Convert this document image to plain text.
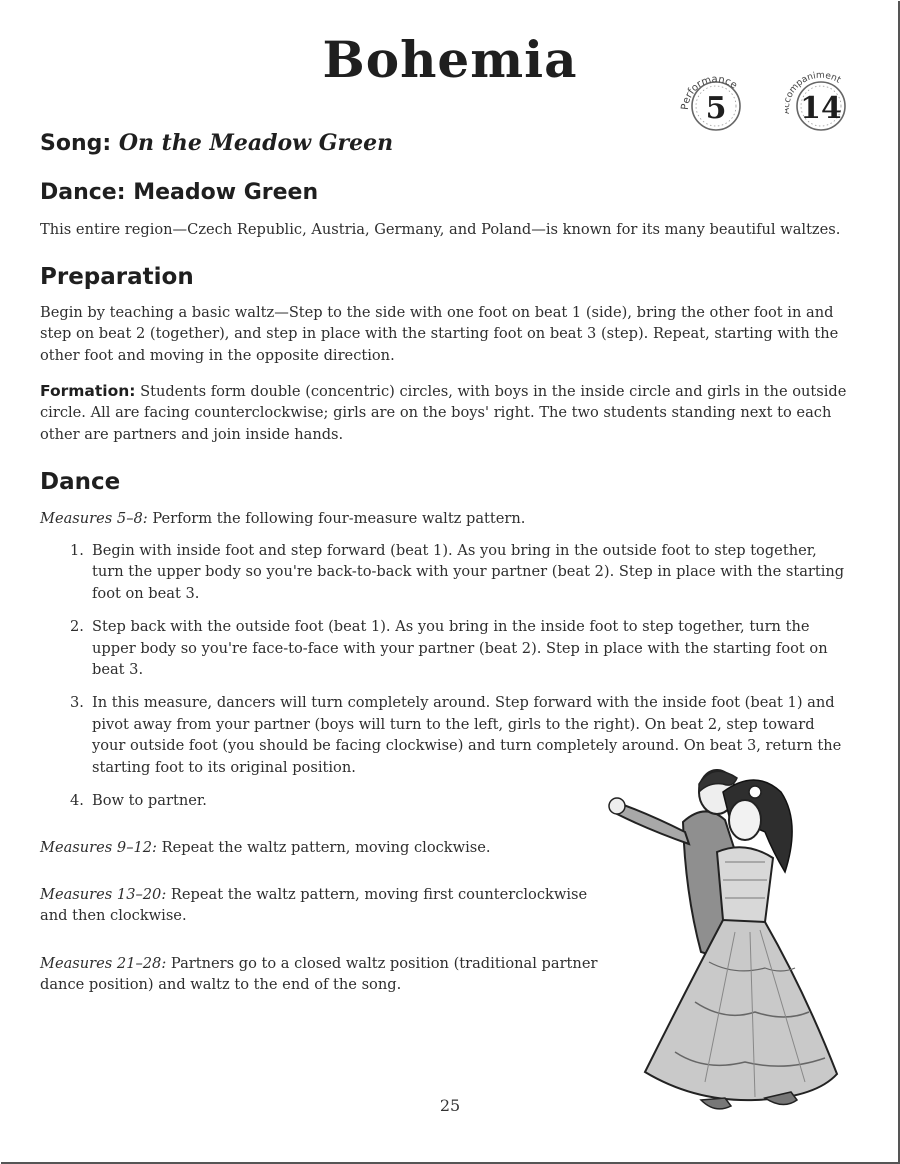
Bohemia
Performance
5	ompaniment
14
Song: On the Meadow Green
Dance: Meadow Green
This entire region—Czech Republic, Austria, Germany, and Poland—is known for its many beautiful waltzes.
Preparation
Begin by teaching a basic waltz—Step to the side with one foot on beat 1 (side), bring the other foot in and step on beat 2 (together), and step in place with the starting foot on beat 3 (step). Repeat, starting with the other foot and moving in the opposite direction.
Formation: Students form double (concentric) circles, with boys in the inside circle and girls in the outside circle. All are facing counterclockwise; girls are on the boys' right. The two students standing next to each other are partners and join inside hands.
Dance
Measures 5–8: Perform the following four-measure waltz pattern.
1. Begin with inside foot and step forward (beat 1). As you bring in the outside foot to step together, turn the upper body so you're back-to-back with your partner (beat 2). Step in place with the starting foot on beat 3.
2. Step back with the outside foot (beat 1). As you bring in the inside foot to step together, turn the upper body so you're face-to-face with your partner (beat 2). Step in place with the starting foot on beat 3.
3. In this measure, dancers will turn completely around. Step forward with the inside foot (beat 1) and pivot away from your partner (boys will turn to the left, girls to the right). On beat 2, step toward your outside foot (you should be facing clockwise) and turn completely around. On beat 3, return the starting foot to its original position.
4. Bow to partner.
Measures 9–12: Repeat the waltz pattern, moving clockwise.
Measures 13–20: Repeat the waltz pattern, moving first counterclockwise and then clockwise.
Measures 21–28: Partners go to a closed waltz position (traditional partner dance position) and waltz to the end of the song.
25
